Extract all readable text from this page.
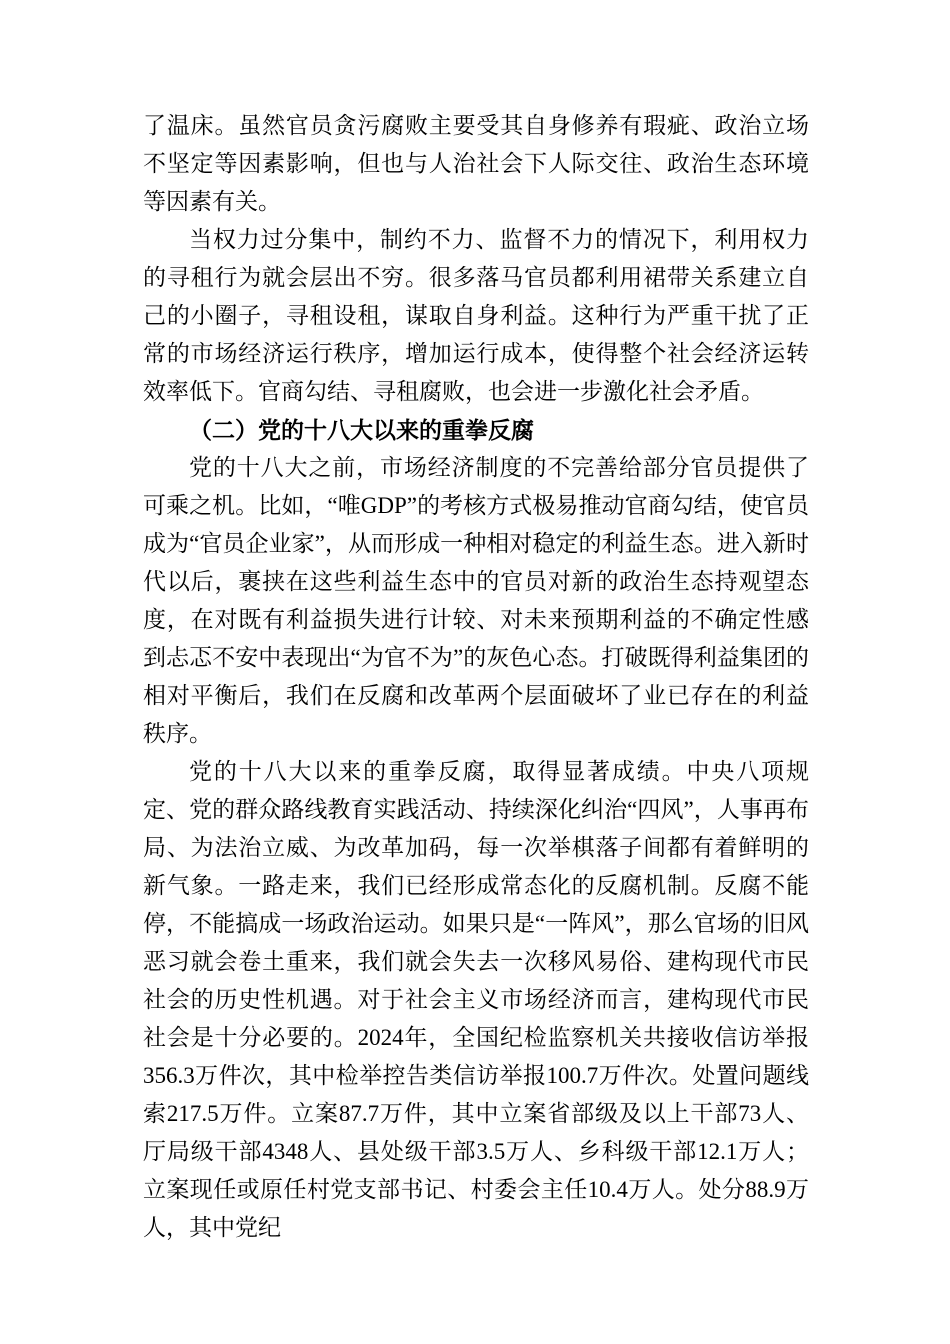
了温床。虽然官员贪污腐败主要受其自身修养有瑕疵、政治立场不坚定等因素影响，但也与人治社会下人际交往、政治生态环境等因素有关。

当权力过分集中，制约不力、监督不力的情况下，利用权力的寻租行为就会层出不穷。很多落马官员都利用裙带关系建立自己的小圈子，寻租设租，谋取自身利益。这种行为严重干扰了正常的市场经济运行秩序，增加运行成本，使得整个社会经济运转效率低下。官商勾结、寻租腐败，也会进一步激化社会矛盾。

（二）党的十八大以来的重拳反腐

党的十八大之前，市场经济制度的不完善给部分官员提供了可乘之机。比如，“唯GDP”的考核方式极易推动官商勾结，使官员成为“官员企业家”，从而形成一种相对稳定的利益生态。进入新时代以后，裹挟在这些利益生态中的官员对新的政治生态持观望态度，在对既有利益损失进行计较、对未来预期利益的不确定性感到忐忑不安中表现出“为官不为”的灰色心态。打破既得利益集团的相对平衡后，我们在反腐和改革两个层面破坏了业已存在的利益秩序。

党的十八大以来的重拳反腐，取得显著成绩。中央八项规定、党的群众路线教育实践活动、持续深化纠治“四风”，人事再布局、为法治立威、为改革加码，每一次举棋落子间都有着鲜明的新气象。一路走来，我们已经形成常态化的反腐机制。反腐不能停，不能搞成一场政治运动。如果只是“一阵风”，那么官场的旧风恶习就会卷土重来，我们就会失去一次移风易俗、建构现代市民社会的历史性机遇。对于社会主义市场经济而言，建构现代市民社会是十分必要的。2024年，全国纪检监察机关共接收信访举报356.3万件次，其中检举控告类信访举报100.7万件次。处置问题线索217.5万件。立案87.7万件，其中立案省部级及以上干部73人、厅局级干部4348人、县处级干部3.5万人、乡科级干部12.1万人；立案现任或原任村党支部书记、村委会主任10.4万人。处分88.9万人，其中党纪
